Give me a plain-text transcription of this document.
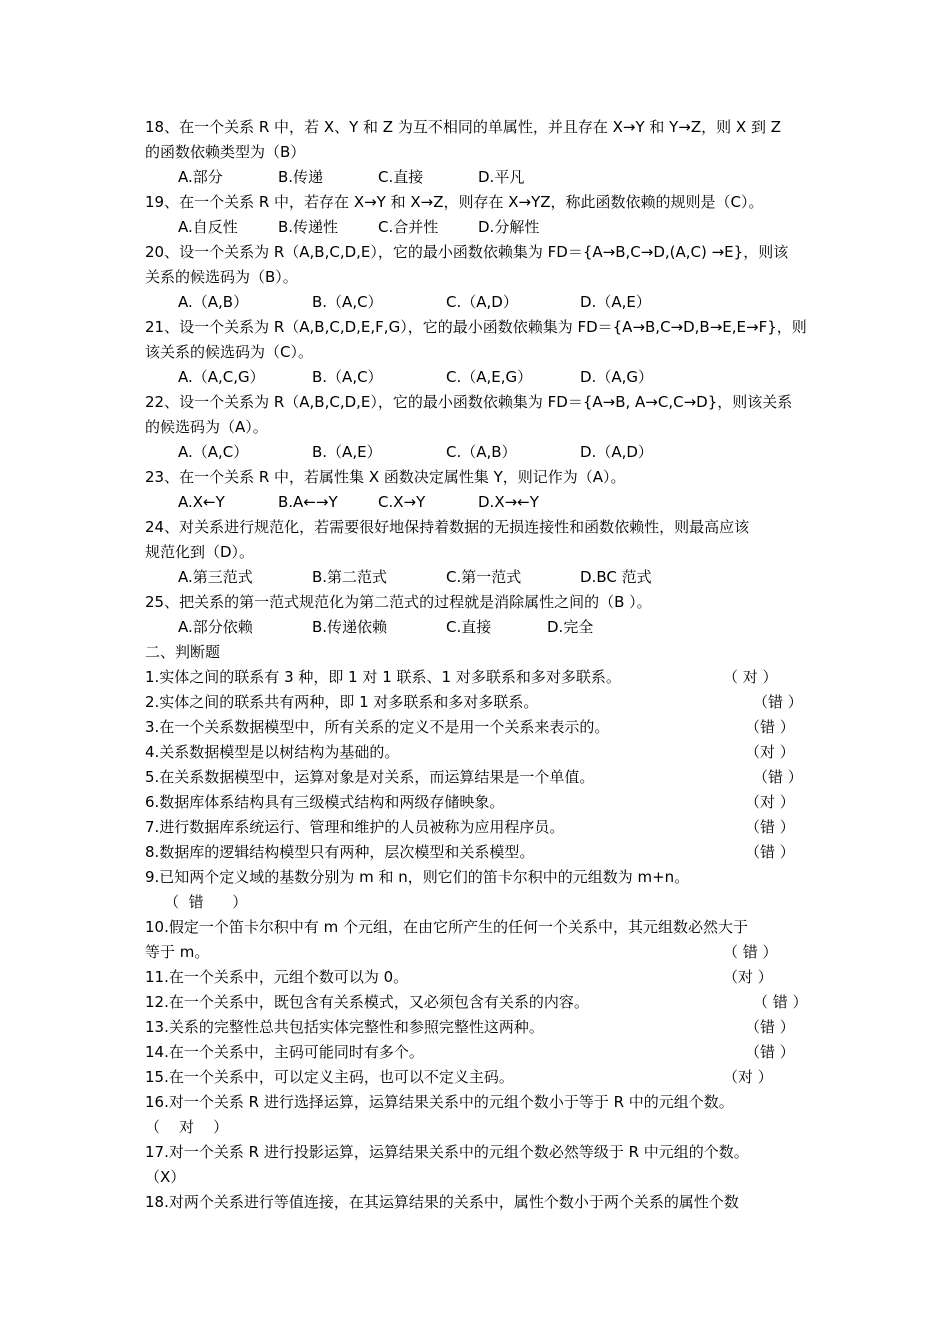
18、在一个关系 R 中，若 X、Y 和 Z 为互不相同的单属性，并且存在 X→Y 和 Y→Z，则 X 到 Z
的函数依赖类型为（B）
A.部分	B.传递	C.直接	D.平凡
19、在一个关系 R 中，若存在 X→Y 和 X→Z，则存在 X→YZ，称此函数依赖的规则是（C）。
A.自反性	B.传递性	C.合并性	D.分解性
20、设一个关系为 R（A,B,C,D,E），它的最小函数依赖集为 FD＝{A→B,C→D,(A,C) →E}，则该
关系的候选码为（B）。
A.（A,B）	B.（A,C）	C.（A,D）	D.（A,E）
21、设一个关系为 R（A,B,C,D,E,F,G），它的最小函数依赖集为 FD＝{A→B,C→D,B→E,E→F}，则
该关系的候选码为（C）。
A.（A,C,G）	B.（A,C）	C.（A,E,G）	D.（A,G）
22、设一个关系为 R（A,B,C,D,E），它的最小函数依赖集为 FD＝{A→B, A→C,C→D}，则该关系
的候选码为（A）。
A.（A,C）	B.（A,E）	C.（A,B）	D.（A,D）
23、在一个关系 R 中，若属性集 X 函数决定属性集 Y，则记作为（A）。
A.X←Y	B.A←→Y	C.X→Y	D.X→←Y
24、对关系进行规范化，若需要很好地保持着数据的无损连接性和函数依赖性，则最高应该
规范化到（D）。
A.第三范式	B.第二范式	C.第一范式	D.BC 范式
25、把关系的第一范式规范化为第二范式的过程就是消除属性之间的（B ）。
A.部分依赖	B.传递依赖	C.直接	D.完全
二、判断题
1.实体之间的联系有 3 种，即 1 对 1 联系、1 对多联系和多对多联系。	（ 对 ）
2.实体之间的联系共有两种，即 1 对多联系和多对多联系。	（错 ）
3.在一个关系数据模型中，所有关系的定义不是用一个关系来表示的。	（错 ）
4.关系数据模型是以树结构为基础的。	（对 ）
5.在关系数据模型中，运算对象是对关系，而运算结果是一个单值。	（错 ）
6.数据库体系结构具有三级模式结构和两级存储映象。	（对 ）
7.进行数据库系统运行、管理和维护的人员被称为应用程序员。	（错 ）
8.数据库的逻辑结构模型只有两种，层次模型和关系模型。	（错 ）
9.已知两个定义域的基数分别为 m 和 n，则它们的笛卡尔积中的元组数为 m+n。
（  错      ）
10.假定一个笛卡尔积中有 m 个元组，在由它所产生的任何一个关系中，其元组数必然大于
等于 m。	（ 错 ）
11.在一个关系中，元组个数可以为 0。	（对 ）
12.在一个关系中，既包含有关系模式，又必须包含有关系的内容。	（ 错 ）
13.关系的完整性总共包括实体完整性和参照完整性这两种。	（错 ）
14.在一个关系中，主码可能同时有多个。	（错 ）
15.在一个关系中，可以定义主码，也可以不定义主码。	（对 ）
16.对一个关系 R 进行选择运算，运算结果关系中的元组个数小于等于 R 中的元组个数。
（    对    ）
17.对一个关系 R 进行投影运算，运算结果关系中的元组个数必然等级于 R 中元组的个数。
（X）
18.对两个关系进行等值连接，在其运算结果的关系中，属性个数小于两个关系的属性个数
